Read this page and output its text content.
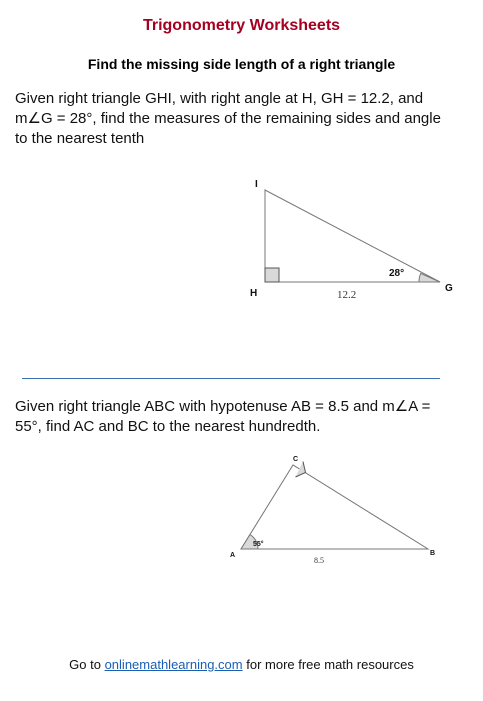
Trigonometry Worksheets
Find the missing side length of a right triangle
Given right triangle GHI, with right angle at H, GH = 12.2, and m∠G = 28°, find the measures of the remaining sides and angle to the nearest tenth
I
H	G
28°
12.2
A
C
B
55°
8.5
Given right triangle ABC with hypotenuse AB = 8.5 and m∠A = 55°, find AC and BC to the nearest hundredth.
Go to onlinemathlearning.com for more free math resources
